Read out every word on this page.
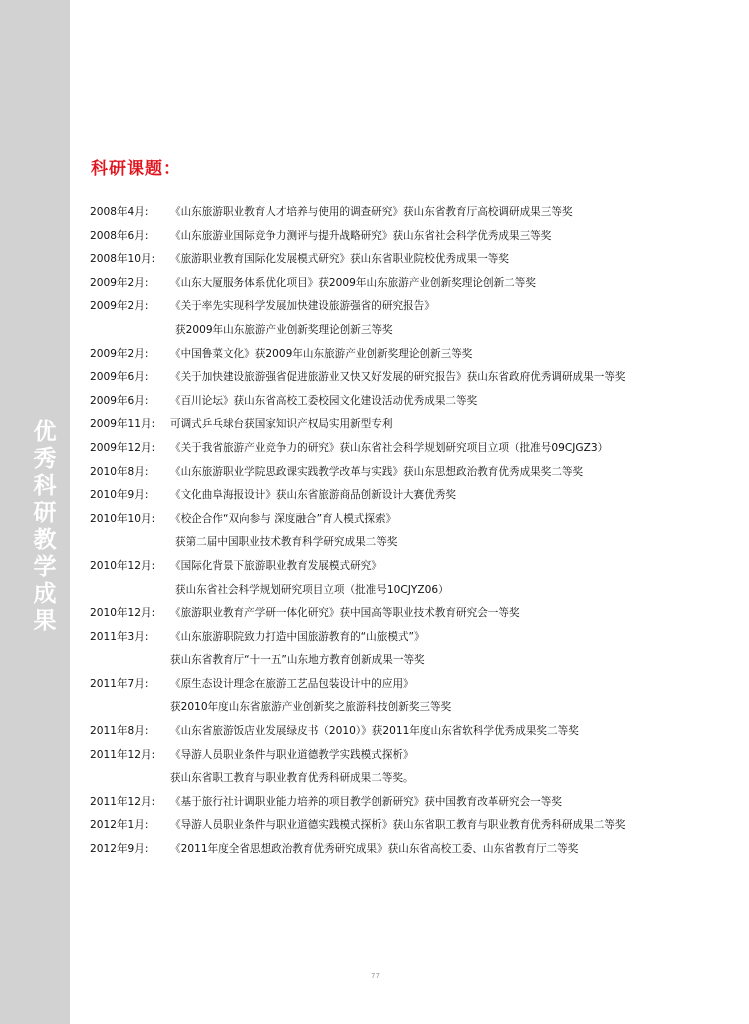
优
秀
科
研
教
学
成
果
科研课题：
2008年4月: 《山东旅游职业教育人才培养与使用的调查研究》获山东省教育厅高校调研成果三等奖
2008年6月: 《山东旅游业国际竞争力测评与提升战略研究》获山东省社会科学优秀成果三等奖
2008年10月: 《旅游职业教育国际化发展模式研究》获山东省职业院校优秀成果一等奖
2009年2月: 《山东大厦服务体系优化项目》获2009年山东旅游产业创新奖理论创新二等奖
2009年2月: 《关于率先实现科学发展加快建设旅游强省的研究报告》
获2009年山东旅游产业创新奖理论创新三等奖
2009年2月: 《中国鲁菜文化》获2009年山东旅游产业创新奖理论创新三等奖
2009年6月: 《关于加快建设旅游强省促进旅游业又快又好发展的研究报告》获山东省政府优秀调研成果一等奖
2009年6月: 《百川论坛》获山东省高校工委校园文化建设活动优秀成果二等奖
2009年11月: 可调式乒乓球台获国家知识产权局实用新型专利
2009年12月: 《关于我省旅游产业竞争力的研究》获山东省社会科学规划研究项目立项（批准号09CJGZ3）
2010年8月: 《山东旅游职业学院思政课实践教学改革与实践》获山东思想政治教育优秀成果奖二等奖
2010年9月: 《文化曲阜海报设计》获山东省旅游商品创新设计大赛优秀奖
2010年10月: 《校企合作“双向参与 深度融合”育人模式探索》
获第二届中国职业技术教育科学研究成果二等奖
2010年12月: 《国际化背景下旅游职业教育发展模式研究》
获山东省社会科学规划研究项目立项（批准号10CJYZ06）
2010年12月: 《旅游职业教育产学研一体化研究》获中国高等职业技术教育研究会一等奖
2011年3月: 《山东旅游职院致力打造中国旅游教育的“山旅模式”》
获山东省教育厅“十一五”山东地方教育创新成果一等奖
2011年7月: 《原生态设计理念在旅游工艺品包装设计中的应用》
获2010年度山东省旅游产业创新奖之旅游科技创新奖三等奖
2011年8月: 《山东省旅游饭店业发展绿皮书（2010）》获2011年度山东省软科学优秀成果奖二等奖
2011年12月: 《导游人员职业条件与职业道德教学实践模式探析》
获山东省职工教育与职业教育优秀科研成果二等奖。
2011年12月: 《基于旅行社计调职业能力培养的项目教学创新研究》获中国教育改革研究会一等奖
2012年1月: 《导游人员职业条件与职业道德实践模式探析》获山东省职工教育与职业教育优秀科研成果二等奖
2012年9月: 《2011年度全省思想政治教育优秀研究成果》获山东省高校工委、山东省教育厅二等奖
77
